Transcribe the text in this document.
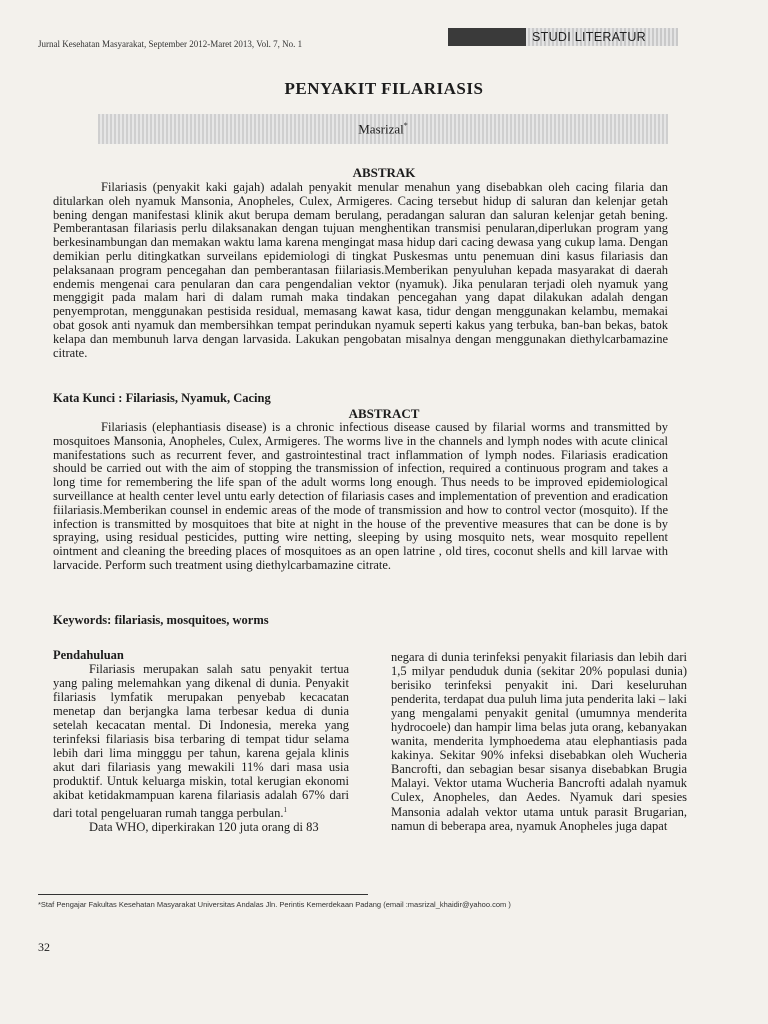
Jurnal Kesehatan Masyarakat, September 2012-Maret 2013, Vol. 7, No. 1	STUDI LITERATUR
PENYAKIT FILARIASIS
Masrizal*
ABSTRAK

Filariasis (penyakit kaki gajah) adalah penyakit menular menahun yang disebabkan oleh cacing filaria dan ditularkan oleh nyamuk Mansonia, Anopheles, Culex, Armigeres. Cacing tersebut hidup di saluran dan kelenjar getah bening dengan manifestasi klinik akut berupa demam berulang, peradangan saluran dan saluran kelenjar getah bening. Pemberantasan filariasis perlu dilaksanakan dengan tujuan menghentikan transmisi penularan,diperlukan program yang berkesinambungan dan memakan waktu lama karena mengingat masa hidup dari cacing dewasa yang cukup lama. Dengan demikian perlu ditingkatkan surveilans epidemiologi di tingkat Puskesmas untu penemuan dini kasus filariasis dan pelaksanaan program pencegahan dan pemberantasan fiilariasis.Memberikan penyuluhan kepada masyarakat di daerah endemis mengenai cara penularan dan cara pengendalian vektor (nyamuk). Jika penularan terjadi oleh nyamuk yang menggigit pada malam hari di dalam rumah maka tindakan pencegahan yang dapat dilakukan adalah dengan penyemprotan, menggunakan pestisida residual, memasang kawat kasa, tidur dengan menggunakan kelambu, memakai obat gosok anti nyamuk dan membersihkan tempat perindukan nyamuk seperti kakus yang terbuka, ban-ban bekas, batok kelapa dan membunuh larva dengan larvasida. Lakukan pengobatan misalnya dengan menggunakan diethylcarbamazine citrate.

Kata Kunci : Filariasis, Nyamuk, Cacing
ABSTRACT

Filariasis (elephantiasis disease) is a chronic infectious disease caused by filarial worms and transmitted by mosquitoes Mansonia, Anopheles, Culex, Armigeres. The worms live in the channels and lymph nodes with acute clinical manifestations such as recurrent fever, and gastrointestinal tract inflammation of lymph nodes. Filariasis eradication should be carried out with the aim of stopping the transmission of infection, required a continuous program and takes a long time for remembering the life span of the adult worms long enough. Thus needs to be improved epidemiological surveillance at health center level untu early detection of filariasis cases and implementation of prevention and eradication fiilariasis.Memberikan counsel in endemic areas of the mode of transmission and how to control vector (mosquito). If the infection is transmitted by mosquitoes that bite at night in the house of the preventive measures that can be done is by spraying, using residual pesticides, putting wire netting, sleeping by using mosquito nets, wear mosquito repellent ointment and cleaning the breeding places of mosquitoes as an open latrine , old tires, coconut shells and kill larvae with larvacide. Perform such treatment using diethylcarbamazine citrate.

Keywords: filariasis, mosquitoes, worms

Pendahuluan

Filariasis merupakan salah satu penyakit tertua yang paling melemahkan yang dikenal di dunia. Penyakit filariasis lymfatik merupakan penyebab kecacatan menetap dan berjangka lama terbesar kedua di dunia setelah kecacatan mental. Di Indonesia, mereka yang terinfeksi filariasis bisa terbaring di tempat tidur selama lebih dari lima mingggu per tahun, karena gejala klinis akut dari filariasis yang mewakili 11% dari masa usia produktif. Untuk keluarga miskin, total kerugian ekonomi akibat ketidakmampuan karena filariasis adalah 67% dari dari total pengeluaran rumah tangga perbulan.$^1$

Data WHO, diperkirakan 120 juta orang di 83

negara di dunia terinfeksi penyakit filariasis dan lebih dari 1,5 milyar penduduk dunia (sekitar 20% populasi dunia) berisiko terinfeksi penyakit ini. Dari keseluruhan penderita, terdapat dua puluh lima juta penderita laki – laki yang mengalami penyakit genital (umumnya menderita hydrocoele) dan hampir lima belas juta orang, kebanyakan wanita, menderita lymphoedema atau elephantiasis pada kakinya. Sekitar 90% infeksi disebabkan oleh Wucheria Bancrofti, dan sebagian besar sisanya disebabkan Brugia Malayi. Vektor utama Wucheria Bancrofti adalah nyamuk Culex, Anopheles, dan Aedes. Nyamuk dari spesies Mansonia adalah vektor utama untuk parasit Brugarian, namun di beberapa area, nyamuk Anopheles juga dapat

*Staf Pengajar Fakultas Kesehatan Masyarakat Universitas Andalas Jln. Perintis Kemerdekaan Padang (email :masrizal_khaidir@yahoo.com )
32
